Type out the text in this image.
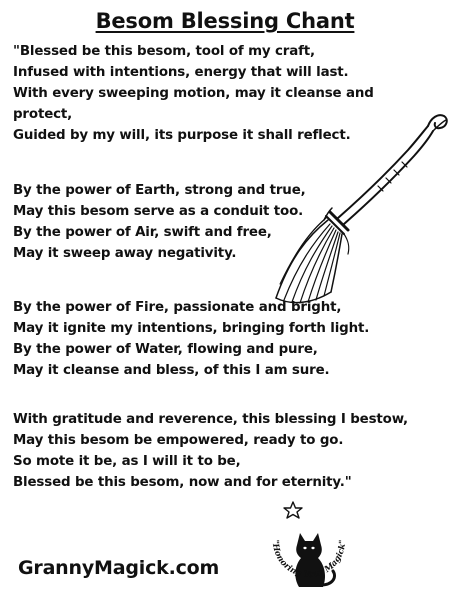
Besom Blessing Chant
"Blessed be this besom, tool of my craft,
Infused with intentions, energy that will last.
With every sweeping motion, may it cleanse and
protect,
Guided by my will, its purpose it shall reflect.
By the power of Earth, strong and true,
May this besom serve as a conduit too.
By the power of Air, swift and free,
May it sweep away negativity.
By the power of Fire, passionate and bright,
May it ignite my intentions, bringing forth light.
By the power of Water, flowing and pure,
May it cleanse and bless, of this I am sure.
With gratitude and reverence, this blessing I bestow,
May this besom be empowered, ready to go.
So mote it be, as I will it to be,
Blessed be this besom, now and for eternity."
GrannyMagick.com
"Honoring Your Magick"
